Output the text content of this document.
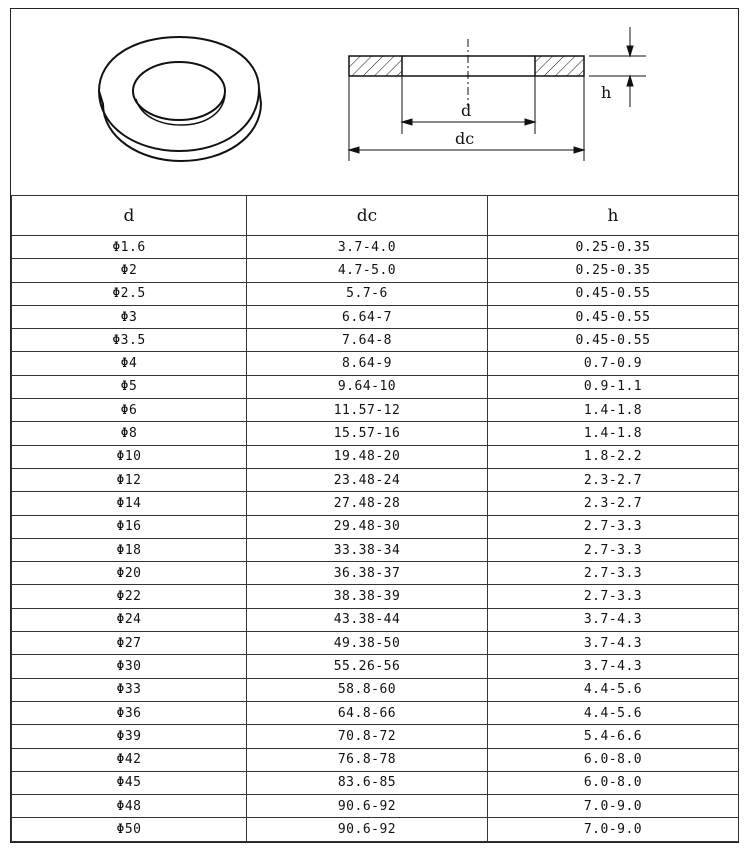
d
dc
h
d	dc	h
Φ1.6	3.7-4.0	0.25-0.35
Φ2	4.7-5.0	0.25-0.35
Φ2.5	5.7-6	0.45-0.55
Φ3	6.64-7	0.45-0.55
Φ3.5	7.64-8	0.45-0.55
Φ4	8.64-9	0.7-0.9
Φ5	9.64-10	0.9-1.1
Φ6	11.57-12	1.4-1.8
Φ8	15.57-16	1.4-1.8
Φ10	19.48-20	1.8-2.2
Φ12	23.48-24	2.3-2.7
Φ14	27.48-28	2.3-2.7
Φ16	29.48-30	2.7-3.3
Φ18	33.38-34	2.7-3.3
Φ20	36.38-37	2.7-3.3
Φ22	38.38-39	2.7-3.3
Φ24	43.38-44	3.7-4.3
Φ27	49.38-50	3.7-4.3
Φ30	55.26-56	3.7-4.3
Φ33	58.8-60	4.4-5.6
Φ36	64.8-66	4.4-5.6
Φ39	70.8-72	5.4-6.6
Φ42	76.8-78	6.0-8.0
Φ45	83.6-85	6.0-8.0
Φ48	90.6-92	7.0-9.0
Φ50	90.6-92	7.0-9.0
